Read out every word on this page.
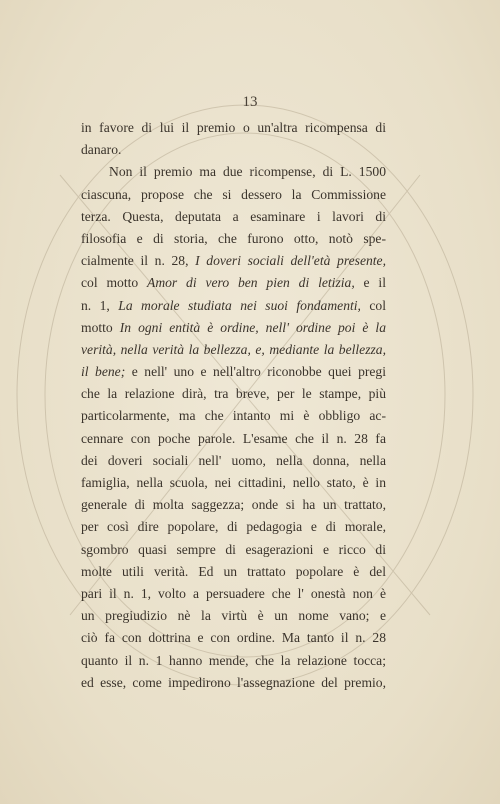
13
in favore di lui il premio o un'altra ricompensa di
danaro.
Non il premio ma due ricompense, di L. 1500
ciascuna, propose che si dessero la Commissione
terza. Questa, deputata a esaminare i lavori di
filosofia e di storia, che furono otto, notò spe-
cialmente il n. 28, I doveri sociali dell'età presente,
col motto Amor di vero ben pien di letizia, e il
n. 1, La morale studiata nei suoi fondamenti, col
motto In ogni entità è ordine, nell' ordine poi è la
verità, nella verità la bellezza, e, mediante la bellezza,
il bene; e nell' uno e nell'altro riconobbe quei pregi
che la relazione dirà, tra breve, per le stampe, più
particolarmente, ma che intanto mi è obbligo ac-
cennare con poche parole. L'esame che il n. 28 fa
dei doveri sociali nell' uomo, nella donna, nella
famiglia, nella scuola, nei cittadini, nello stato, è in
generale di molta saggezza; onde si ha un trattato,
per così dire popolare, di pedagogia e di morale,
sgombro quasi sempre di esagerazioni e ricco di
molte utili verità. Ed un trattato popolare è del
pari il n. 1, volto a persuadere che l' onestà non è
un pregiudizio nè la virtù è un nome vano; e
ciò fa con dottrina e con ordine. Ma tanto il n. 28
quanto il n. 1 hanno mende, che la relazione tocca;
ed esse, come impedirono l'assegnazione del premio,
